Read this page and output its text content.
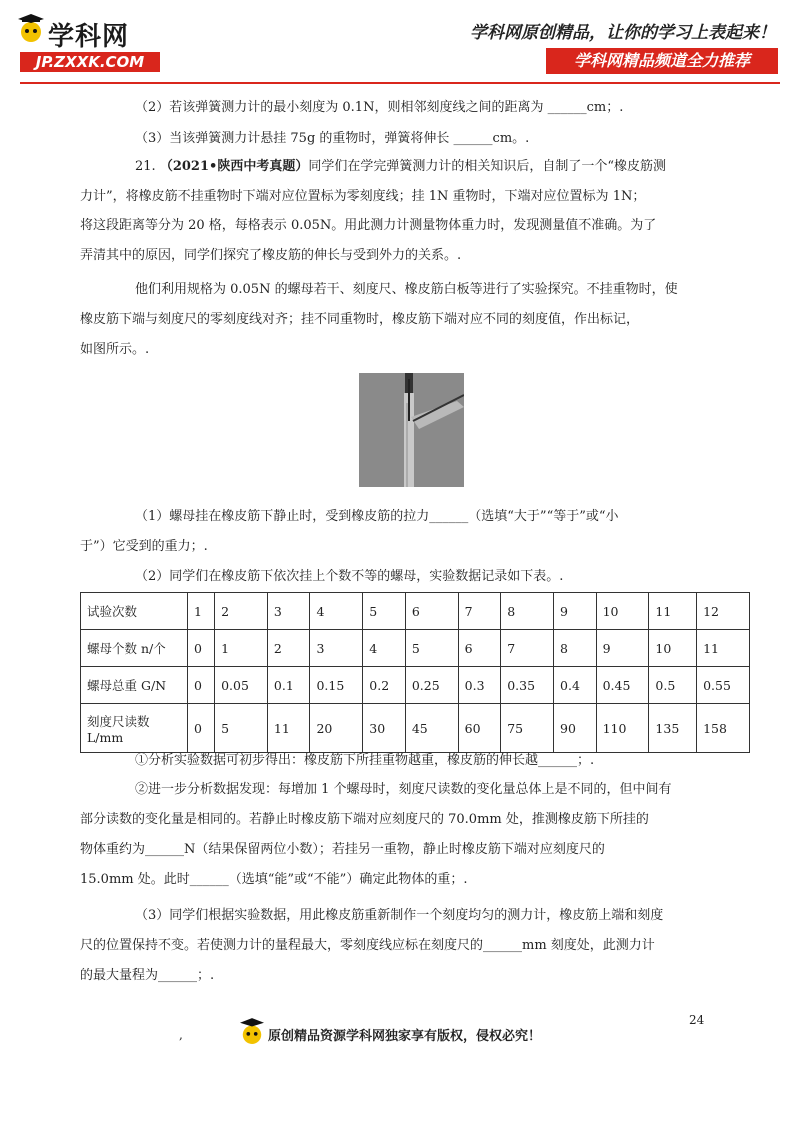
学科网
JP.ZXXK.COM
学科网原创精品，让你的学习上表起来！
学科网精品频道全力推荐

（2）若该弹簧测力计的最小刻度为 0.1N，则相邻刻度线之间的距离为 ______cm；.

（3）当该弹簧测力计悬挂 75g 的重物时，弹簧将伸长 ______cm。.

21. （2021•陕西中考真题）同学们在学完弹簧测力计的相关知识后，自制了一个“橡皮筋测

力计”，将橡皮筋不挂重物时下端对应位置标为零刻度线；挂 1N 重物时，下端对应位置标为 1N；

将这段距离等分为 20 格，每格表示 0.05N。用此测力计测量物体重力时，发现测量值不准确。为了

弄清其中的原因，同学们探究了橡皮筋的伸长与受到外力的关系。.

他们利用规格为 0.05N 的螺母若干、刻度尺、橡皮筋白板等进行了实验探究。不挂重物时，使

橡皮筋下端与刻度尺的零刻度线对齐；挂不同重物时，橡皮筋下端对应不同的刻度值，作出标记，

如图所示。.

（1）螺母挂在橡皮筋下静止时，受到橡皮筋的拉力______（选填“大于”“等于”或“小

于”）它受到的重力；.

（2）同学们在橡皮筋下依次挂上个数不等的螺母，实验数据记录如下表。.

试验次数	1	2	3	4	5	6	7	8	9	10	11	12
螺母个数 n/个	0	1	2	3	4	5	6	7	8	9	10	11
螺母总重 G/N	0	0.05	0.1	0.15	0.2	0.25	0.3	0.35	0.4	0.45	0.5	0.55
刻度尺读数 L/mm	0	5	11	20	30	45	60	75	90	110	135	158

①分析实验数据可初步得出：橡皮筋下所挂重物越重，橡皮筋的伸长越______；.

②进一步分析数据发现：每增加 1 个螺母时，刻度尺读数的变化量总体上是不同的，但中间有

部分读数的变化量是相同的。若静止时橡皮筋下端对应刻度尺的 70.0mm 处，推测橡皮筋下所挂的

物体重约为______N（结果保留两位小数）；若挂另一重物，静止时橡皮筋下端对应刻度尺的

15.0mm 处。此时______（选填“能”或“不能”）确定此物体的重；.

（3）同学们根据实验数据，用此橡皮筋重新制作一个刻度均匀的测力计，橡皮筋上端和刻度

尺的位置保持不变。若使测力计的量程最大，零刻度线应标在刻度尺的______mm 刻度处，此测力计

的最大量程为______；.

24
,	原创精品资源学科网独家享有版权，侵权必究！
